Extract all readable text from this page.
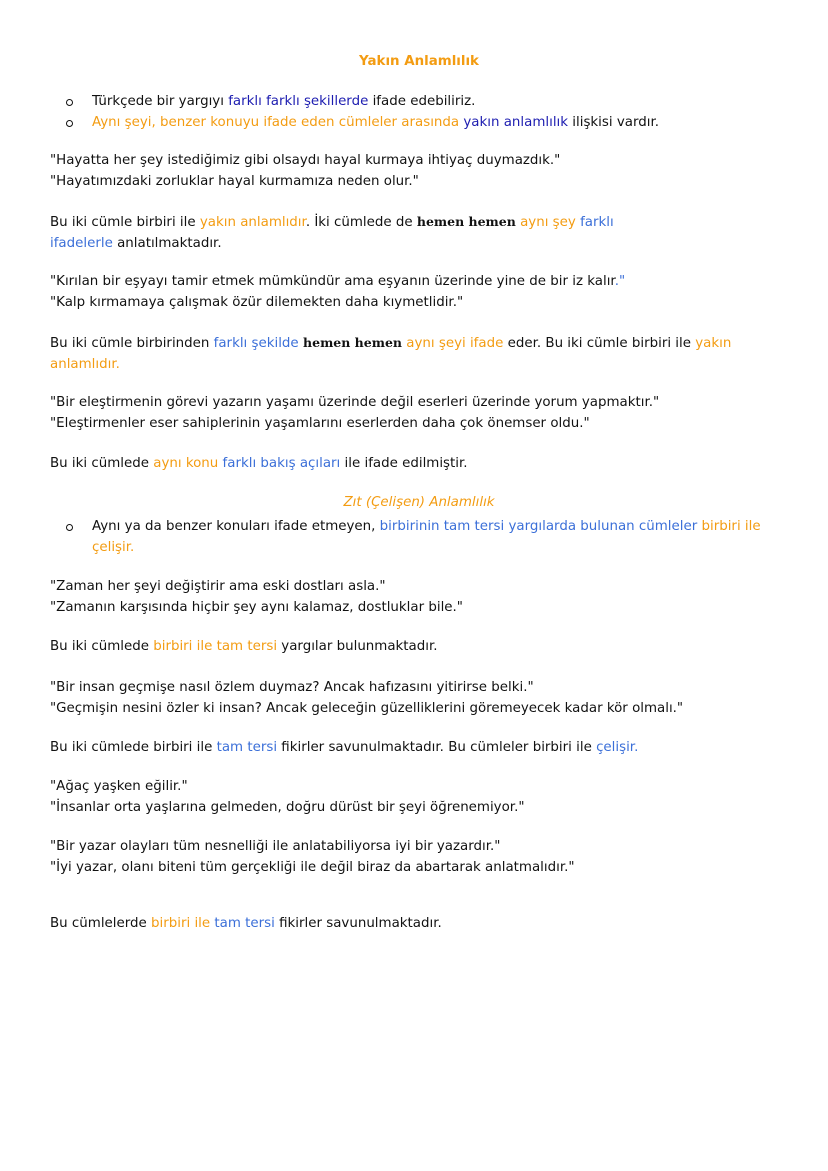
Yakın Anlamlılık
Türkçede bir yargıyı farklı farklı şekillerde ifade edebiliriz.
Aynı şeyi, benzer konuyu ifade eden cümleler arasında yakın anlamlılık ilişkisi vardır.

"Hayatta her şey istediğimiz gibi olsaydı hayal kurmaya ihtiyaç duymazdık."

"Hayatımızdaki zorluklar hayal kurmamıza neden olur."

Bu iki cümle birbiri ile yakın anlamlıdır. İki cümlede de hemen hemen aynı şey farklı

ifadelerle anlatılmaktadır.

"Kırılan bir eşyayı tamir etmek mümkündür ama eşyanın üzerinde yine de bir iz kalır."

"Kalp kırmamaya çalışmak özür dilemekten daha kıymetlidir."

Bu iki cümle birbirinden farklı şekilde hemen hemen aynı şeyi ifade eder. Bu iki cümle birbiri ile yakın

anlamlıdır.

"Bir eleştirmenin görevi yazarın yaşamı üzerinde değil eserleri üzerinde yorum yapmaktır."

"Eleştirmenler eser sahiplerinin yaşamlarını eserlerden daha çok önemser oldu."

Bu iki cümlede aynı konu farklı bakış açıları ile ifade edilmiştir.

Zıt (Çelişen) Anlamlılık
Aynı ya da benzer konuları ifade etmeyen, birbirinin tam tersi yargılarda bulunan cümleler birbiri ile
çelişir.

"Zaman her şeyi değiştirir ama eski dostları asla."

"Zamanın karşısında hiçbir şey aynı kalamaz, dostluklar bile."

Bu iki cümlede birbiri ile tam tersi yargılar bulunmaktadır.

"Bir insan geçmişe nasıl özlem duymaz? Ancak hafızasını yitirirse belki."

"Geçmişin nesini özler ki insan? Ancak geleceğin güzelliklerini göremeyecek kadar kör olmalı."

Bu iki cümlede birbiri ile tam tersi fikirler savunulmaktadır. Bu cümleler birbiri ile çelişir.

"Ağaç yaşken eğilir."

"İnsanlar orta yaşlarına gelmeden, doğru dürüst bir şeyi öğrenemiyor."

"Bir yazar olayları tüm nesnelliği ile anlatabiliyorsa iyi bir yazardır."

"İyi yazar, olanı biteni tüm gerçekliği ile değil biraz da abartarak anlatmalıdır."

Bu cümlelerde birbiri ile tam tersi fikirler savunulmaktadır.
